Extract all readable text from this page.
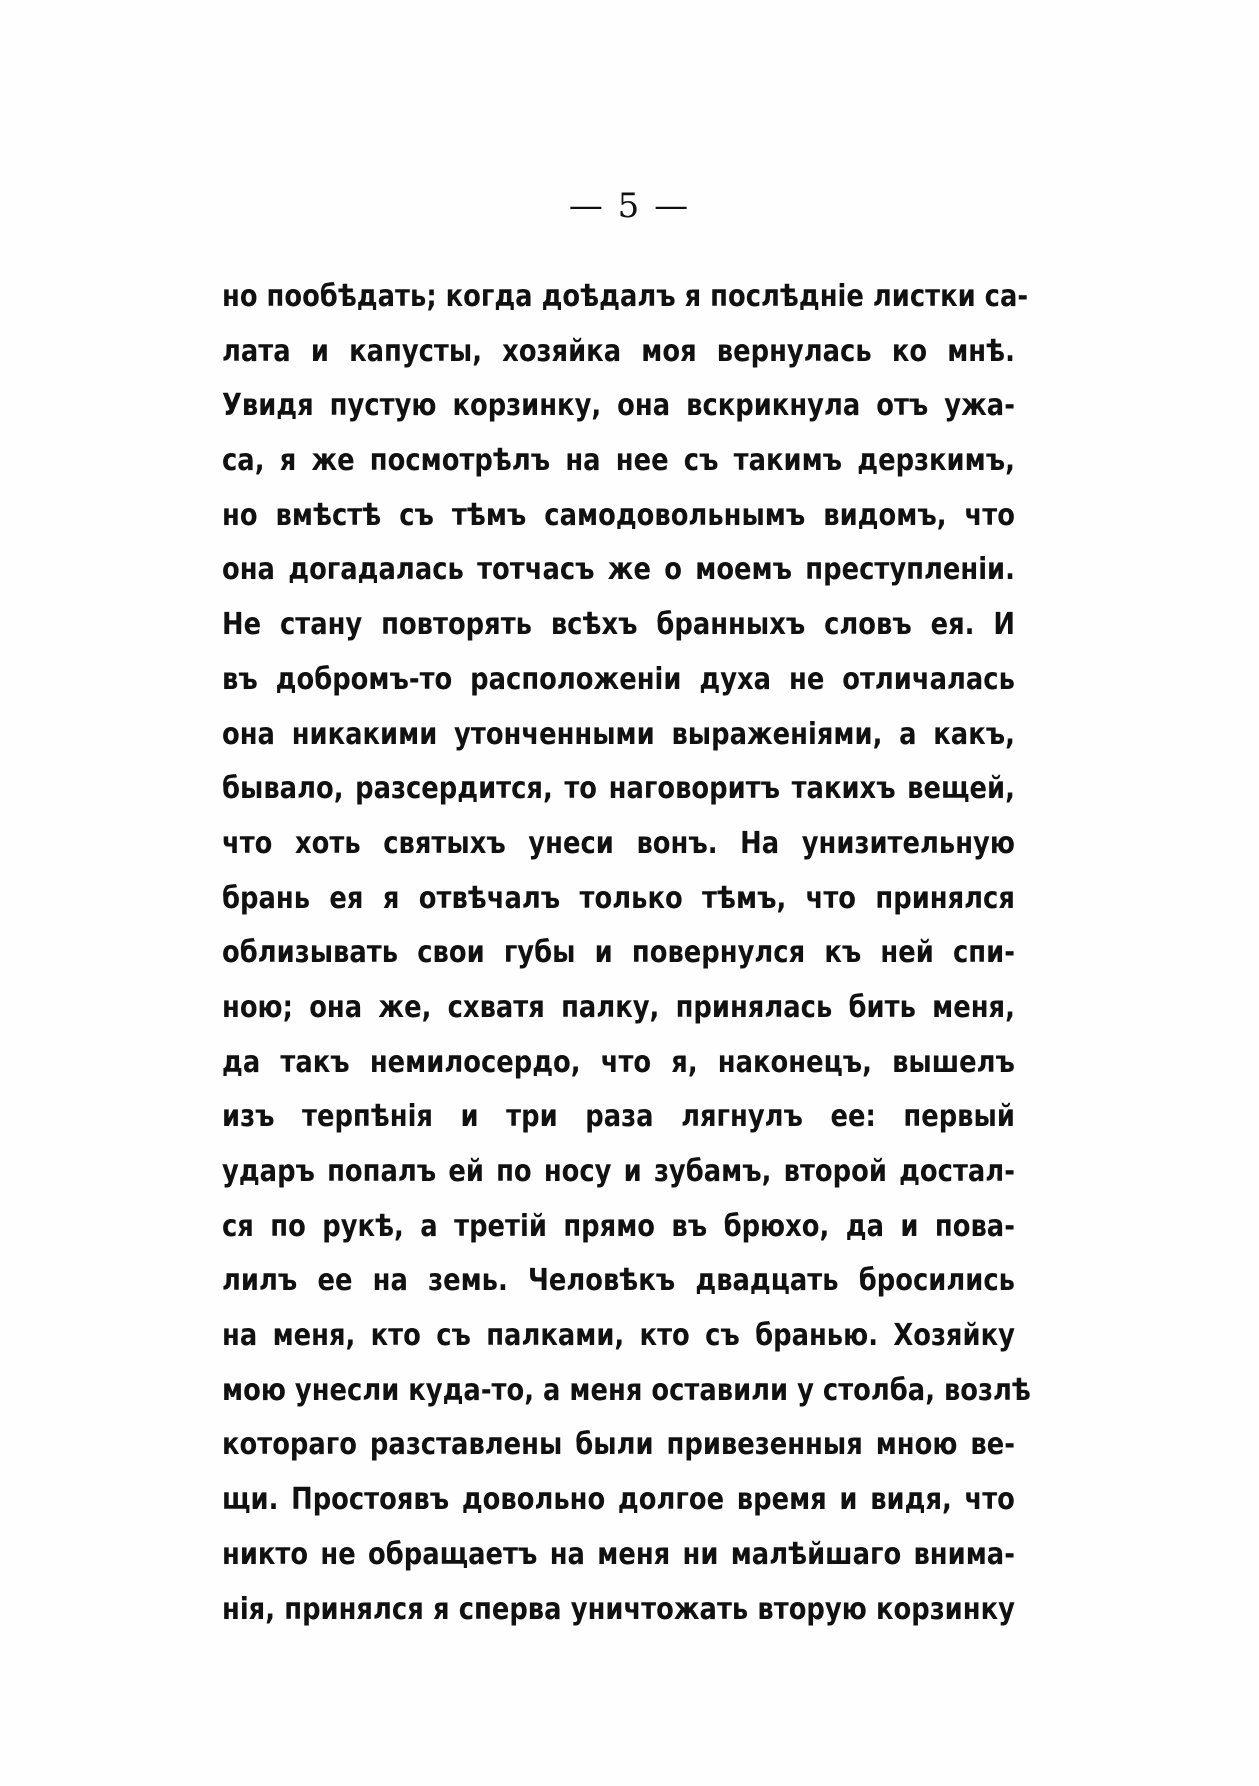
— 5 —
но пообѣдать; когда доѣдалъ я послѣдніе листки са-
лата и капусты, хозяйка моя вернулась ко мнѣ.
Увидя пустую корзинку, она вскрикнула отъ ужа-
са, я же посмотрѣлъ на нее съ такимъ дерзкимъ,
но вмѣстѣ съ тѣмъ самодовольнымъ видомъ, что
она догадалась тотчасъ же о моемъ преступленіи.
Не стану повторять всѣхъ бранныхъ словъ ея. И
въ добромъ-то расположеніи духа не отличалась
она никакими утонченными выраженіями, а какъ,
бывало, разсердится, то наговоритъ такихъ вещей,
что хоть святыхъ унеси вонъ. На унизительную
брань ея я отвѣчалъ только тѣмъ, что принялся
облизывать свои губы и повернулся къ ней спи-
ною; она же, схватя палку, принялась бить меня,
да такъ немилосердо, что я, наконецъ, вышелъ
изъ терпѣнія и три раза лягнулъ ее: первый
ударъ попалъ ей по носу и зубамъ, второй достал-
ся по рукѣ, а третій прямо въ брюхо, да и пова-
лилъ ее на земь. Человѣкъ двадцать бросились
на меня, кто съ палками, кто съ бранью. Хозяйку
мою унесли куда-то, а меня оставили у столба, возлѣ
котораго разставлены были привезенныя мною ве-
щи. Простоявъ довольно долгое время и видя, что
никто не обращаетъ на меня ни малѣйшаго внима-
нія, принялся я сперва уничтожать вторую корзинку
